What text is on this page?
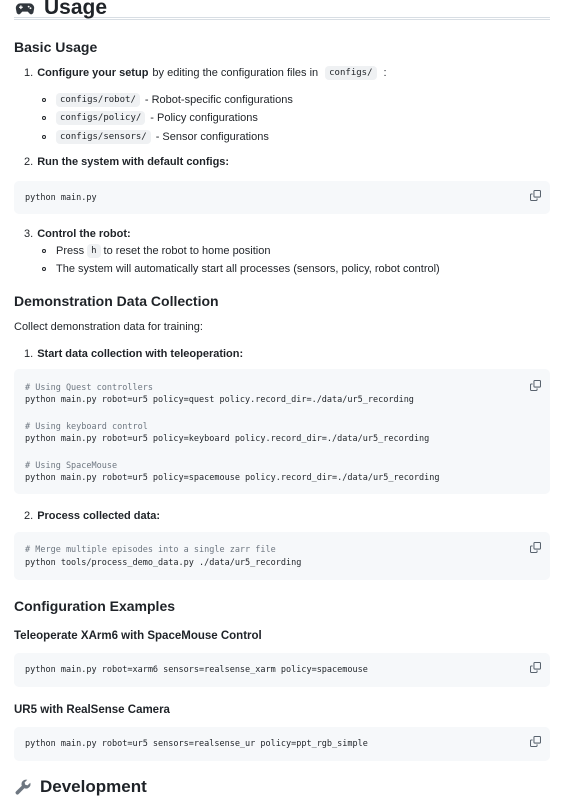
Usage
Basic Usage
1. Configure your setup by editing the configuration files in	configs/	:
configs/robot/ - Robot-specific configurations
configs/policy/ - Policy configurations
configs/sensors/ - Sensor configurations
2. Run the system with default configs:
python main.py
3. Control the robot:
Press h to reset the robot to home position
The system will automatically start all processes (sensors, policy, robot control)
Demonstration Data Collection
Collect demonstration data for training:
1. Start data collection with teleoperation:
# Using Quest controllers
python main.py robot=ur5 policy=quest policy.record_dir=./data/ur5_recording
# Using keyboard control
python main.py robot=ur5 policy=keyboard policy.record_dir=./data/ur5_recording
# Using SpaceMouse
python main.py robot=ur5 policy=spacemouse policy.record_dir=./data/ur5_recording
2. Process collected data:
# Merge multiple episodes into a single zarr file
python tools/process_demo_data.py ./data/ur5_recording
Configuration Examples
Teleoperate XArm6 with SpaceMouse Control
python main.py robot=xarm6 sensors=realsense_xarm policy=spacemouse
UR5 with RealSense Camera
python main.py robot=ur5 sensors=realsense_ur policy=ppt_rgb_simple
Development
